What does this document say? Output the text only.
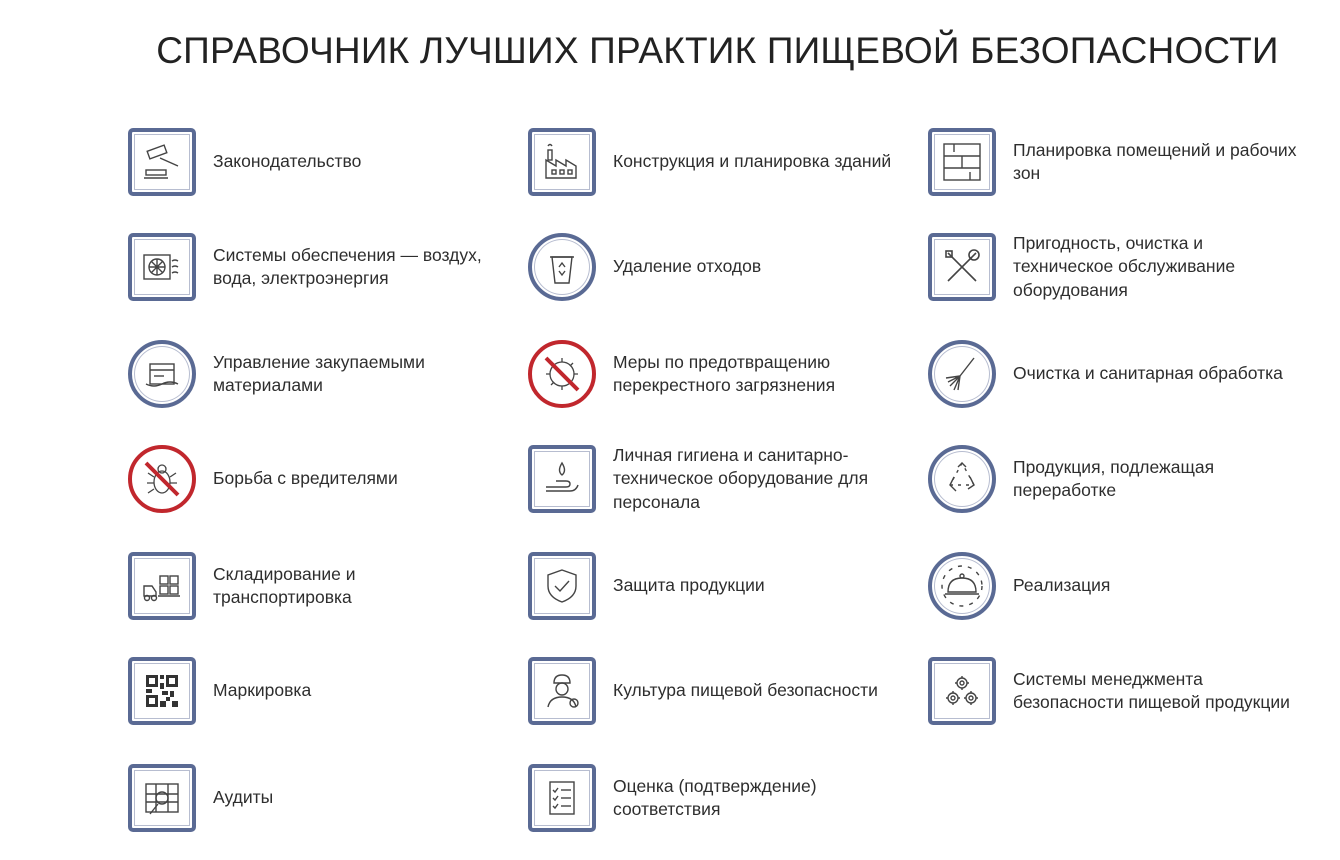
СПРАВОЧНИК ЛУЧШИХ ПРАКТИК ПИЩЕВОЙ БЕЗОПАСНОСТИ
Законодательство	Конструкция и планировка зданий
Планировка помещений и рабочих зон
Системы обеспечения — воздух, вода, электроэнергия
Удаление отходов
Пригодность, очистка и техническое обслуживание оборудования
Управление закупаемыми материалами
Меры по предотвращению перекрестного загрязнения
Очистка и санитарная обработка
Борьба с вредителями
Личная гигиена и санитарно-техническое оборудование для персонала
Продукция, подлежащая переработке
Складирование и транспортировка
Защита продукции	Реализация
Маркировка	Культура пищевой безопасности
Системы менеджмента безопасности пищевой продукции
Аудиты
Оценка (подтверждение) соответствия
